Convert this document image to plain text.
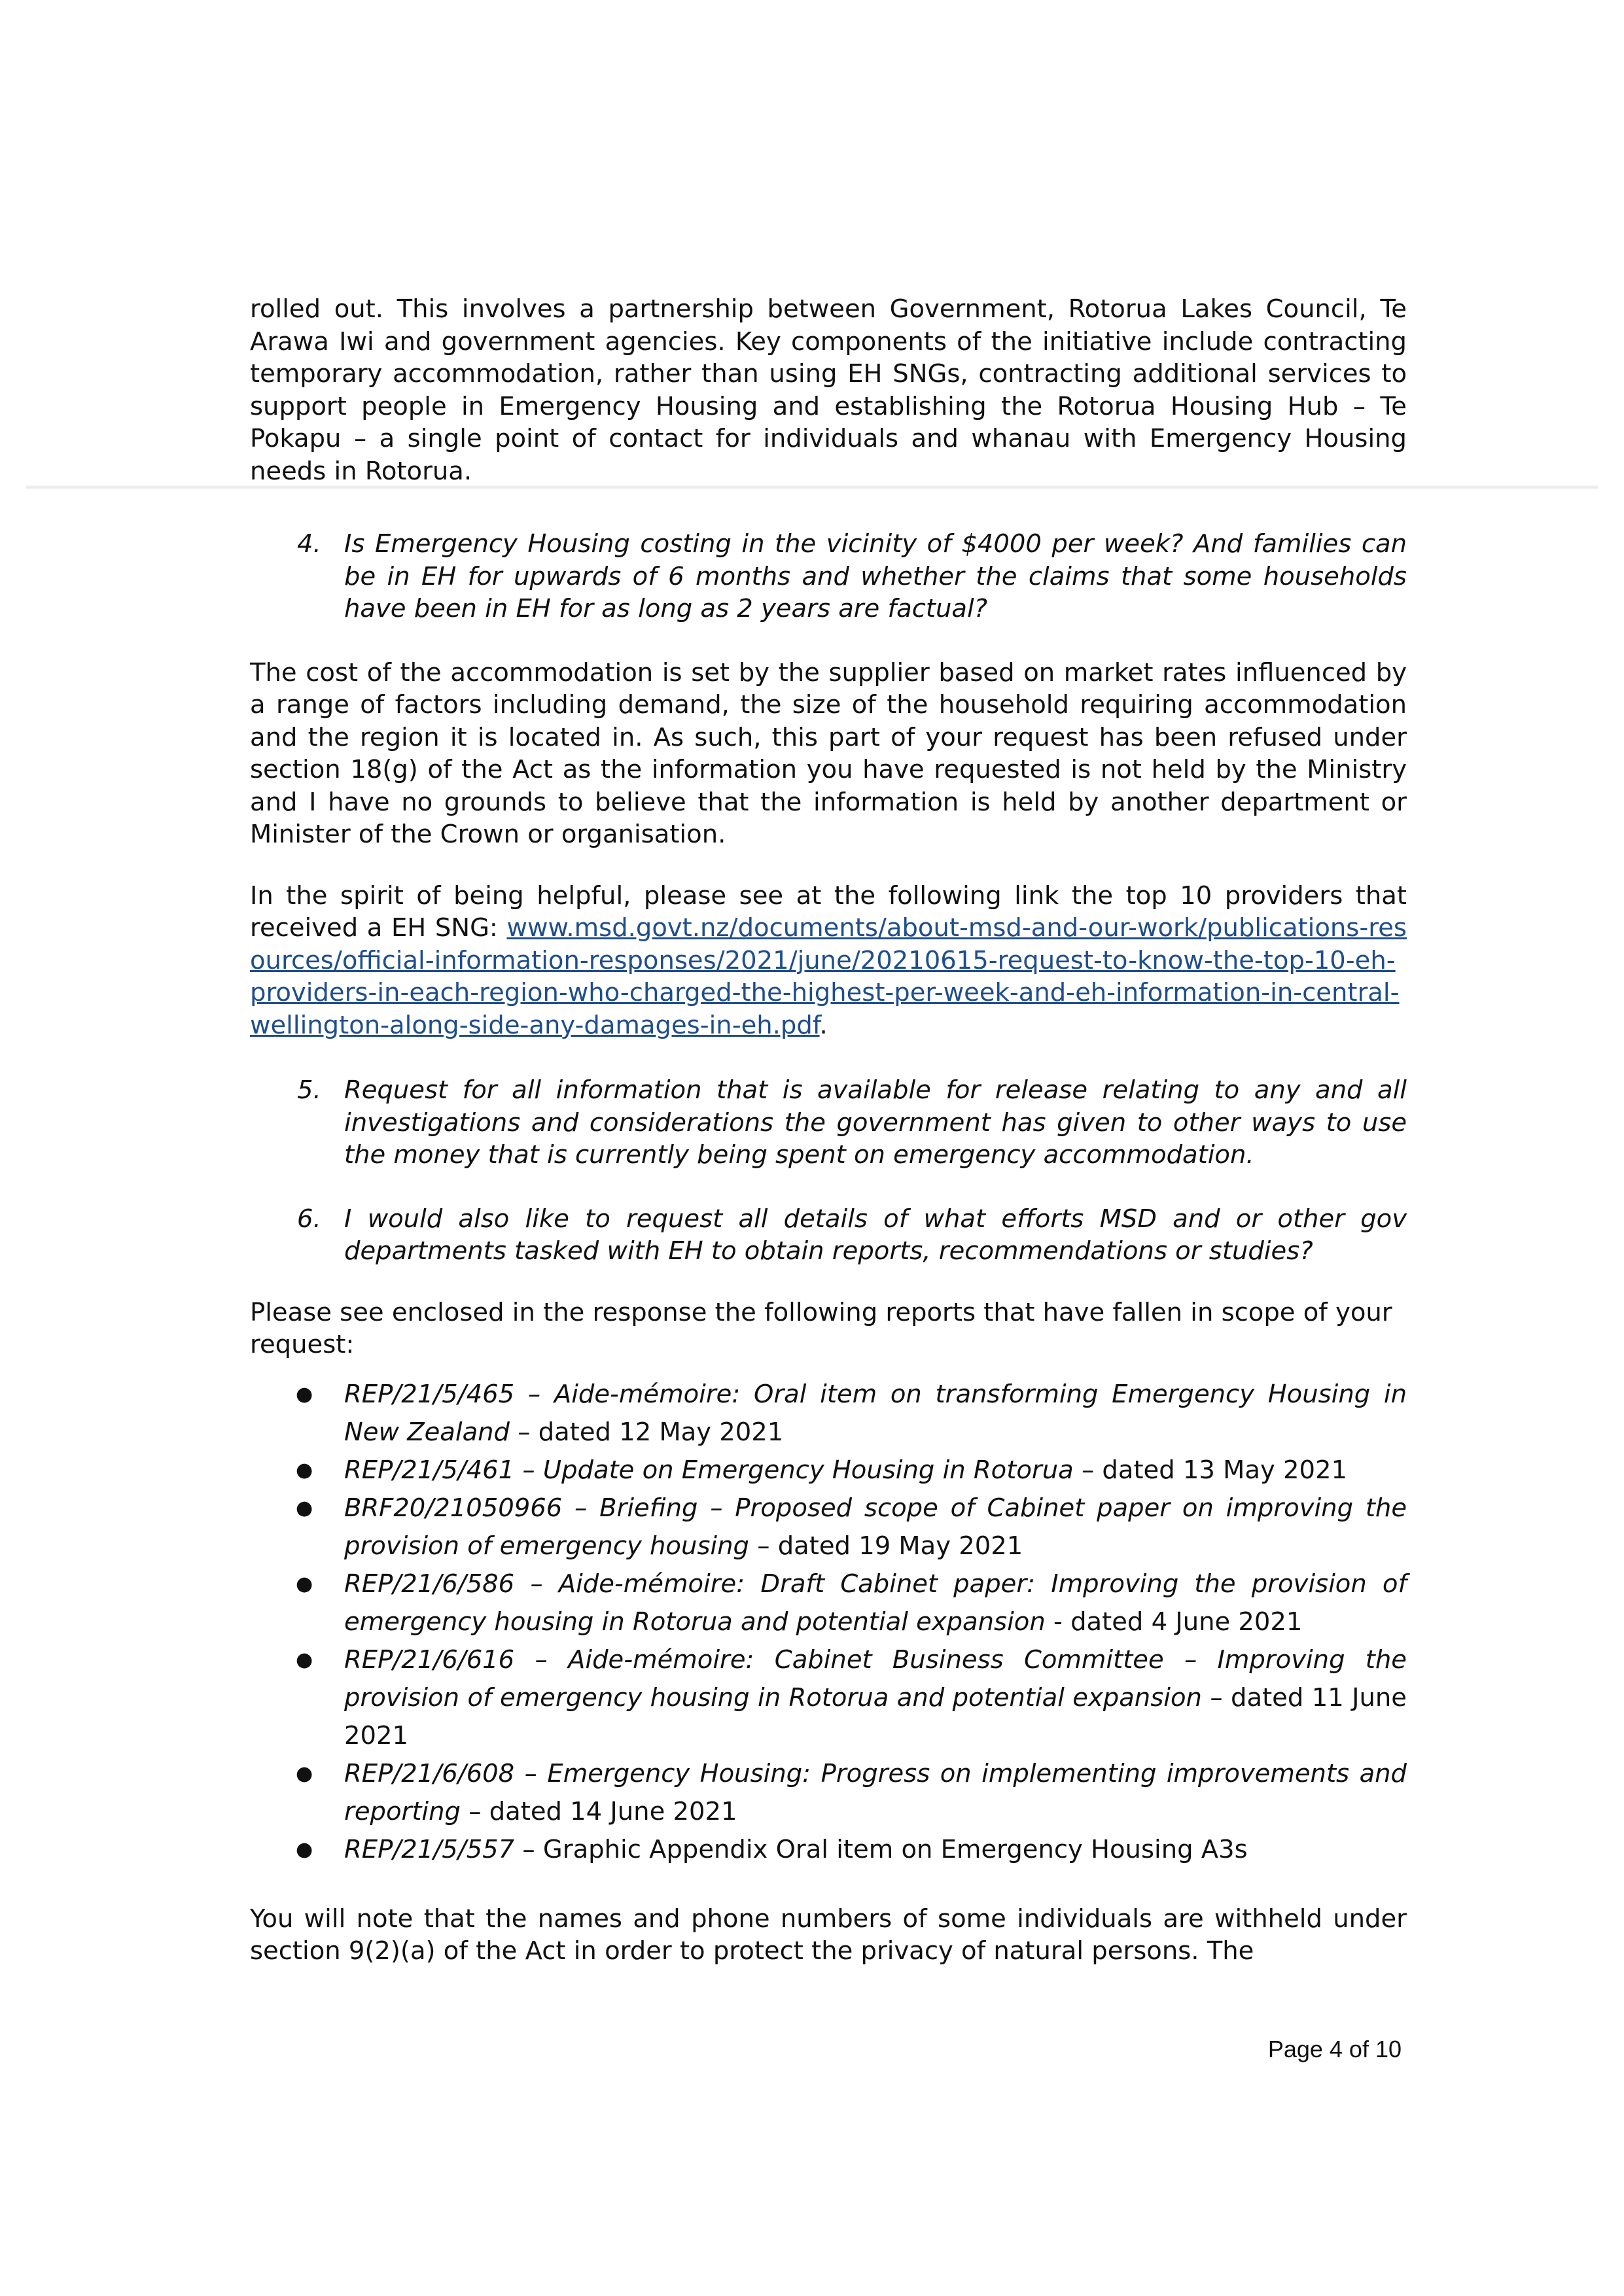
rolled out. This involves a partnership between Government, Rotorua Lakes Council, Te Arawa Iwi and government agencies. Key components of the initiative include contracting temporary accommodation, rather than using EH SNGs, contracting additional services to support people in Emergency Housing and establishing the Rotorua Housing Hub – Te Pokapu – a single point of contact for individuals and whanau with Emergency Housing needs in Rotorua.

4. Is Emergency Housing costing in the vicinity of $4000 per week? And families can be in EH for upwards of 6 months and whether the claims that some households have been in EH for as long as 2 years are factual?

The cost of the accommodation is set by the supplier based on market rates influenced by a range of factors including demand, the size of the household requiring accommodation and the region it is located in. As such, this part of your request has been refused under section 18(g) of the Act as the information you have requested is not held by the Ministry and I have no grounds to believe that the information is held by another department or Minister of the Crown or organisation.

In the spirit of being helpful, please see at the following link the top 10 providers that received a EH SNG: www.msd.govt.nz/documents/about-msd-and-our-work/publications-resources/official-information-responses/2021/june/20210615-request-to-know-the-top-10-eh-providers-in-each-region-who-charged-the-highest-per-week-and-eh-information-in-central-wellington-along-side-any-damages-in-eh.pdf.

5. Request for all information that is available for release relating to any and all investigations and considerations the government has given to other ways to use the money that is currently being spent on emergency accommodation.
6. I would also like to request all details of what efforts MSD and or other gov departments tasked with EH to obtain reports, recommendations or studies?

Please see enclosed in the response the following reports that have fallen in scope of your request:

●	REP/21/5/465 – Aide-mémoire: Oral item on transforming Emergency Housing in New Zealand – dated 12 May 2021
●	REP/21/5/461 – Update on Emergency Housing in Rotorua – dated 13 May 2021
●	BRF20/21050966 – Briefing – Proposed scope of Cabinet paper on improving the provision of emergency housing – dated 19 May 2021
●	REP/21/6/586 – Aide-mémoire: Draft Cabinet paper: Improving the provision of emergency housing in Rotorua and potential expansion - dated 4 June 2021
●	REP/21/6/616 – Aide-mémoire: Cabinet Business Committee – Improving the provision of emergency housing in Rotorua and potential expansion – dated 11 June 2021
●	REP/21/6/608 – Emergency Housing: Progress on implementing improvements and reporting – dated 14 June 2021
●	REP/21/5/557 – Graphic Appendix Oral item on Emergency Housing A3s

You will note that the names and phone numbers of some individuals are withheld under section 9(2)(a) of the Act in order to protect the privacy of natural persons. The

Page 4 of 10
